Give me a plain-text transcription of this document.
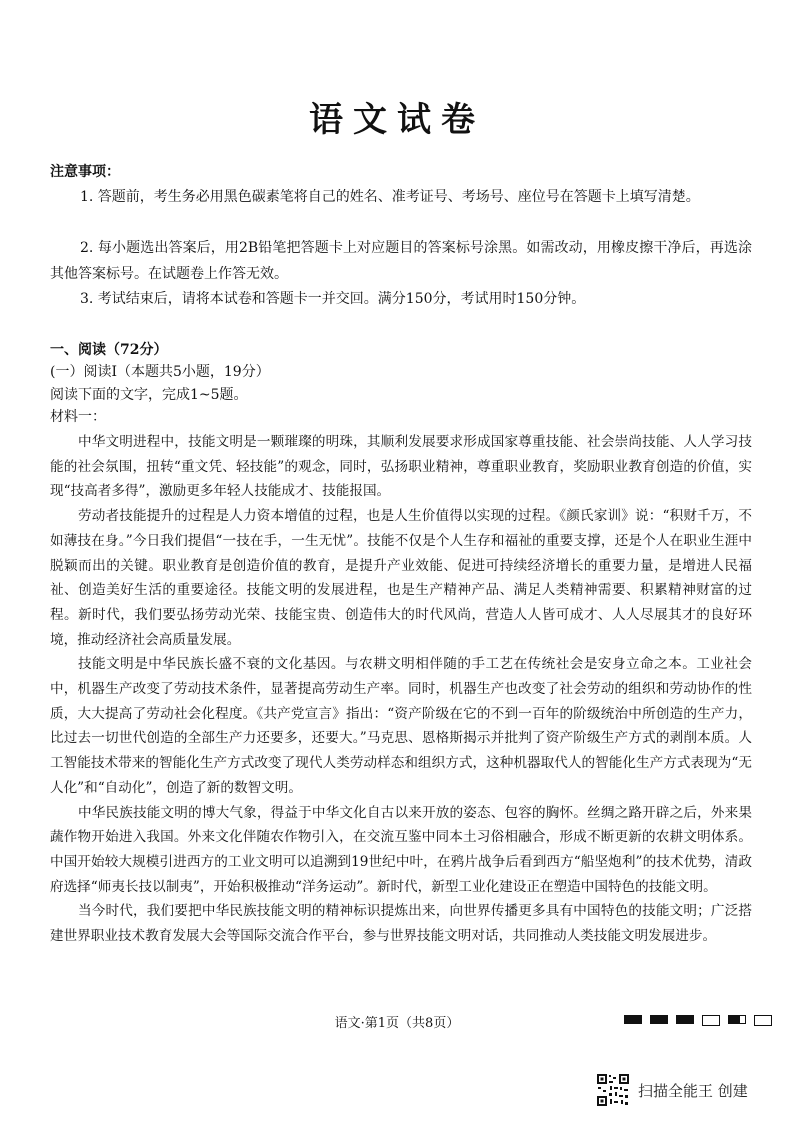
语文试卷
注意事项：
1. 答题前，考生务必用黑色碳素笔将自己的姓名、准考证号、考场号、座位号在答题卡上填写清楚。
2. 每小题选出答案后，用2B铅笔把答题卡上对应题目的答案标号涂黑。如需改动，用橡皮擦干净后，再选涂其他答案标号。在试题卷上作答无效。
3. 考试结束后，请将本试卷和答题卡一并交回。满分150分，考试用时150分钟。
一、阅读（72分）
(一）阅读Ⅰ（本题共5小题，19分）
阅读下面的文字，完成1~5题。
材料一：

中华文明进程中，技能文明是一颗璀璨的明珠，其顺利发展要求形成国家尊重技能、社会崇尚技能、人人学习技能的社会氛围，扭转“重文凭、轻技能”的观念，同时，弘扬职业精神，尊重职业教育，奖励职业教育创造的价值，实现“技高者多得”，激励更多年轻人技能成才、技能报国。

劳动者技能提升的过程是人力资本增值的过程，也是人生价值得以实现的过程。《颜氏家训》说：“积财千万，不如薄技在身。”今日我们提倡“一技在手，一生无忧”。技能不仅是个人生存和福祉的重要支撑，还是个人在职业生涯中脱颖而出的关键。职业教育是创造价值的教育，是提升产业效能、促进可持续经济增长的重要力量，是增进人民福祉、创造美好生活的重要途径。技能文明的发展进程，也是生产精神产品、满足人类精神需要、积累精神财富的过程。新时代，我们要弘扬劳动光荣、技能宝贵、创造伟大的时代风尚，营造人人皆可成才、人人尽展其才的良好环境，推动经济社会高质量发展。

技能文明是中华民族长盛不衰的文化基因。与农耕文明相伴随的手工艺在传统社会是安身立命之本。工业社会中，机器生产改变了劳动技术条件，显著提高劳动生产率。同时，机器生产也改变了社会劳动的组织和劳动协作的性质，大大提高了劳动社会化程度。《共产党宣言》指出：“资产阶级在它的不到一百年的阶级统治中所创造的生产力，比过去一切世代创造的全部生产力还要多，还要大。”马克思、恩格斯揭示并批判了资产阶级生产方式的剥削本质。人工智能技术带来的智能化生产方式改变了现代人类劳动样态和组织方式，这种机器取代人的智能化生产方式表现为“无人化”和“自动化”，创造了新的数智文明。

中华民族技能文明的博大气象，得益于中华文化自古以来开放的姿态、包容的胸怀。丝绸之路开辟之后，外来果蔬作物开始进入我国。外来文化伴随农作物引入，在交流互鉴中同本土习俗相融合，形成不断更新的农耕文明体系。中国开始较大规模引进西方的工业文明可以追溯到19世纪中叶，在鸦片战争后看到西方“船坚炮利”的技术优势，清政府选择“师夷长技以制夷”，开始积极推动“洋务运动”。新时代，新型工业化建设正在塑造中国特色的技能文明。

当今时代，我们要把中华民族技能文明的精神标识提炼出来，向世界传播更多具有中国特色的技能文明；广泛搭建世界职业技术教育发展大会等国际交流合作平台，参与世界技能文明对话，共同推动人类技能文明发展进步。

语文·第1页（共8页）
扫描全能王 创建
